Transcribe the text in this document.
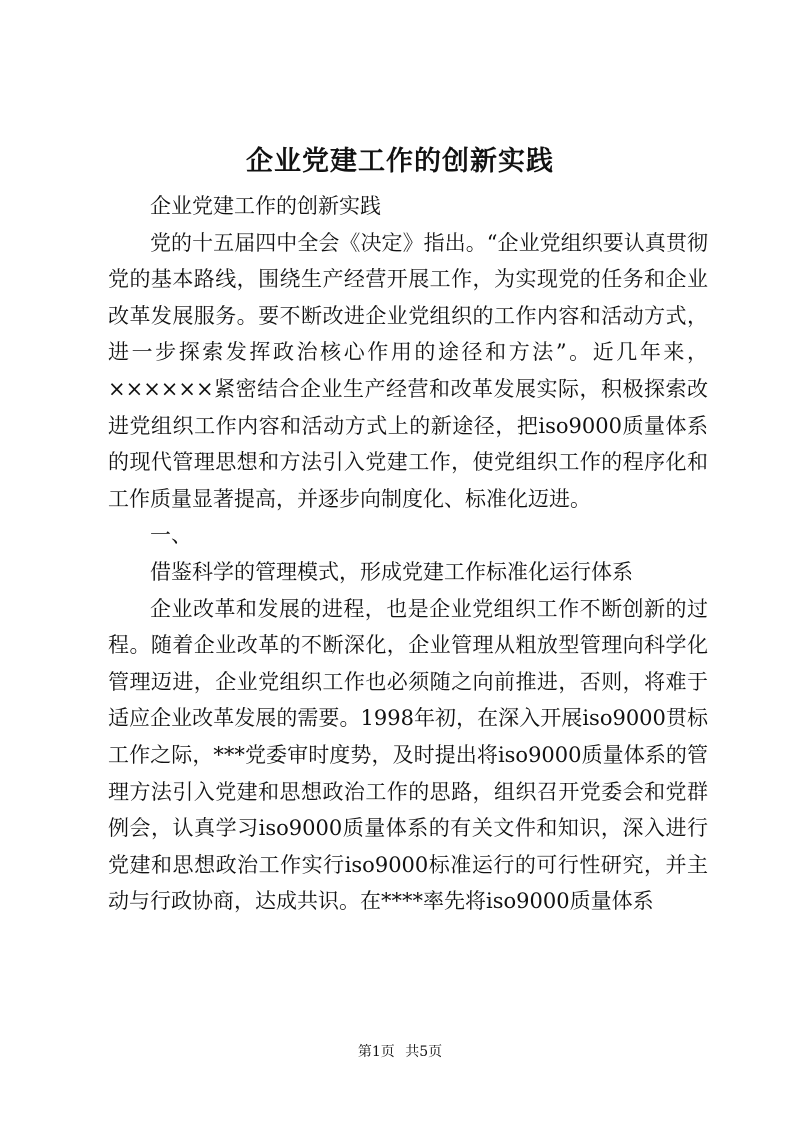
企业党建工作的创新实践

企业党建工作的创新实践

党的十五届四中全会《决定》指出。“企业党组织要认真贯彻党的基本路线，围绕生产经营开展工作，为实现党的任务和企业改革发展服务。要不断改进企业党组织的工作内容和活动方式，进一步探索发挥政治核心作用的途径和方法”。近几年来，××××××紧密结合企业生产经营和改革发展实际，积极探索改进党组织工作内容和活动方式上的新途径，把iso9000质量体系的现代管理思想和方法引入党建工作，使党组织工作的程序化和工作质量显著提高，并逐步向制度化、标准化迈进。

一、

借鉴科学的管理模式，形成党建工作标准化运行体系

企业改革和发展的进程，也是企业党组织工作不断创新的过程。随着企业改革的不断深化，企业管理从粗放型管理向科学化管理迈进，企业党组织工作也必须随之向前推进，否则，将难于适应企业改革发展的需要。1998年初，在深入开展iso9000贯标工作之际，***党委审时度势，及时提出将iso9000质量体系的管理方法引入党建和思想政治工作的思路，组织召开党委会和党群例会，认真学习iso9000质量体系的有关文件和知识，深入进行党建和思想政治工作实行iso9000标准运行的可行性研究，并主动与行政协商，达成共识。在****率先将iso9000质量体系

第1页 共5页
